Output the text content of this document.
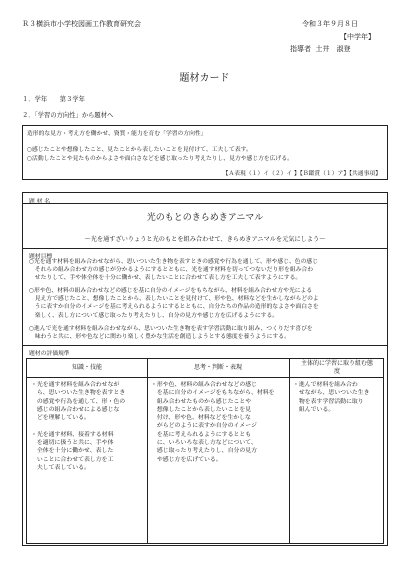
Ｒ３横浜市小学校図画工作教育研究会	令和３年９月８日
【中学年】
指導者 土井　淑登
題材カード
１．学年　　第３学年
２．「学習の方向性」から題材へ
造形的な見方・考え方を働かせ、資質・能力を育む「学習の方向性」

○感じたことや想像したこと、見たことから表したいことを見付けて、工夫して表す。
○活動したことや見たものからよさや面白さなどを感じ取ったり考えたりし、見方や感じ方を広げる。
【Ａ表現（１）イ（２）イ 】【Ｂ鑑賞（１）ア】【共通事項】
題 材 名
光のもとのきらめきアニマル
～光を通すざいりょうと光のもとを組み合わせて、きらめきアニマルを元気にしよう～
題材目標
○光を通す材料を組み合わせながら、思いついた生き物を表すときの感覚や行為を通して、形や感じ、色の感じ
　それらの組み合わせ方の感じが分かるようにするとともに、光を通す材料を切ってつないだり形を組み合わ
　せたりして、手や体全体を十分に働かせ、表したいことに合わせて表し方を工夫して表すようにする。
○形や色、材料の組み合わせなどの感じを基に自分のイメージをもちながら、材料を組み合わせ方や光による
　見え方で感じたこと、想像したことから、表したいことを見付けて、形や色、材料などを生かしながらどのよ
　うに表すか自分のイメージを基に考えられるようにするとともに、自分たちの作品の造形的なよさや面白さを
　楽しく、表し方について感じ取ったり考えたりし、自分の見方や感じ方を広げるようにする。
○進んで光を通す材料を組み合わせながら、思いついた生き物を表す学習活動に取り組み、つくりだす喜びを
　味わうと共に、形や色などに関わり楽しく豊かな生活を創造しようとする態度を養うようにする。
題材の評価規準
知識・技能	思考・判断・表現
主体的に学習に取り組む態
度
・光を通す材料を組み合わせなが
　ら、思いついた生き物を表すとき
　の感覚や行為を通して、形・色の
　感じの組み合わせによる感じな
　どを理解している。

・光を通す材料、接着する材料
　を適切に扱うと共に、手や体
　全体を十分に働かせ、表した
　いことに合わせて表し方を工
　夫して表している。
・形や色、材料の組み合わせなどの感じ
　を基に自分のイメージをもちながら、材料を
　組み合わせたものから感じたことや
　想像したことから表したいことを見
　付け、形や色、材料などを生かしな
　がらどのように表すか自分のイメージ
　を基に考えられるようにするととも
　に、いろいろな表し方などについて、
　感じ取ったり考えたりし、自分の見方
　や感じ方を広げている。
・進んで材料を組み合わ
　せながら、思いついた生き
　物を表す学習活動に取り
　組んでいる。
